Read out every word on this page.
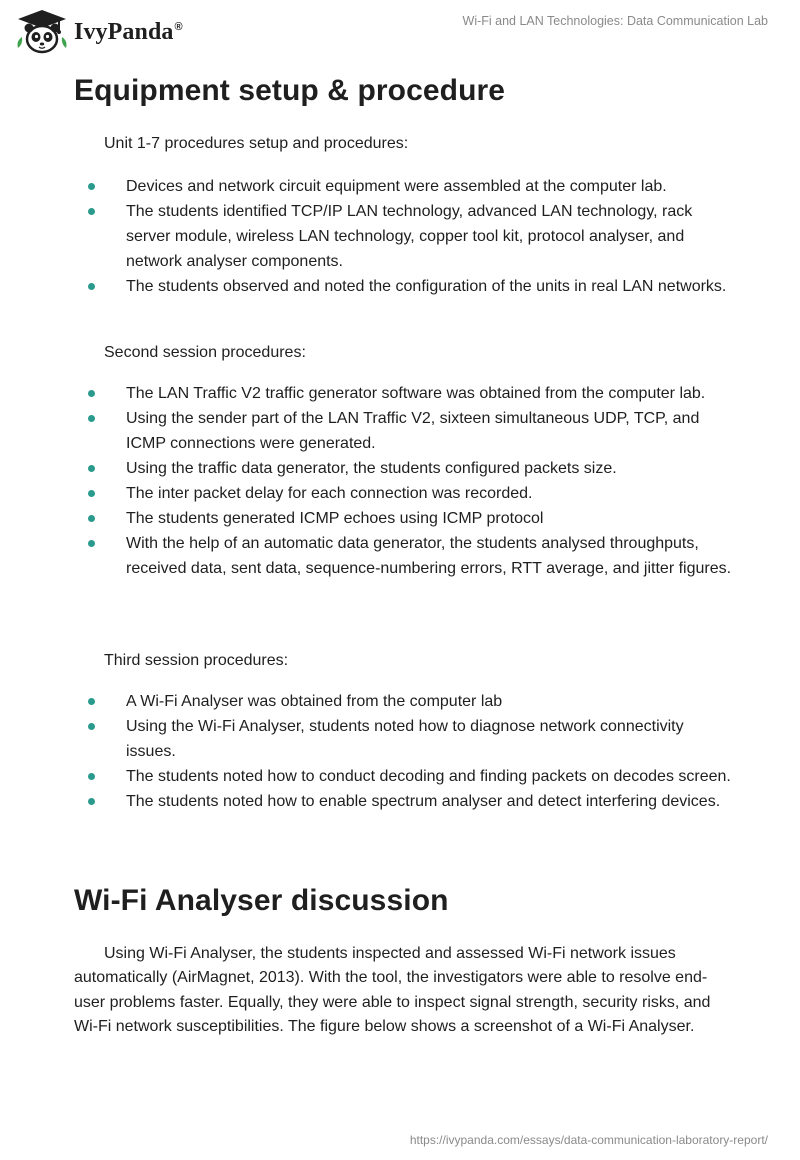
IvyPanda®	Wi-Fi and LAN Technologies: Data Communication Lab
Equipment setup & procedure

Unit 1-7 procedures setup and procedures:

Devices and network circuit equipment were assembled at the computer lab.
The students identified TCP/IP LAN technology, advanced LAN technology, rack server module, wireless LAN technology, copper tool kit, protocol analyser, and network analyser components.
The students observed and noted the configuration of the units in real LAN networks.

Second session procedures:

The LAN Traffic V2 traffic generator software was obtained from the computer lab.
Using the sender part of the LAN Traffic V2, sixteen simultaneous UDP, TCP, and ICMP connections were generated.
Using the traffic data generator, the students configured packets size.
The inter packet delay for each connection was recorded.
The students generated ICMP echoes using ICMP protocol
With the help of an automatic data generator, the students analysed throughputs, received data, sent data, sequence-numbering errors, RTT average, and jitter figures.

Third session procedures:

A Wi-Fi Analyser was obtained from the computer lab
Using the Wi-Fi Analyser, students noted how to diagnose network connectivity issues.
The students noted how to conduct decoding and finding packets on decodes screen.
The students noted how to enable spectrum analyser and detect interfering devices.
Wi-Fi Analyser discussion

Using Wi-Fi Analyser, the students inspected and assessed Wi-Fi network issues automatically (AirMagnet, 2013). With the tool, the investigators were able to resolve end-user problems faster. Equally, they were able to inspect signal strength, security risks, and Wi-Fi network susceptibilities. The figure below shows a screenshot of a Wi-Fi Analyser.

https://ivypanda.com/essays/data-communication-laboratory-report/
